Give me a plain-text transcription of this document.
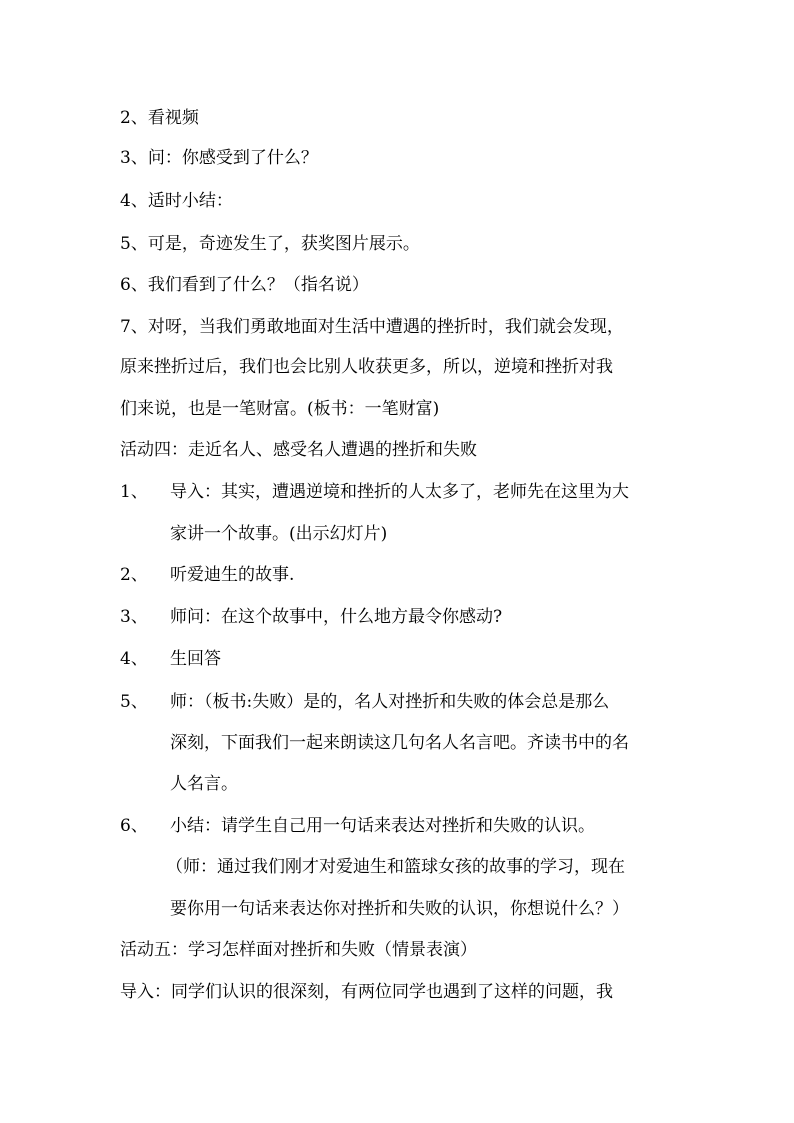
2、看视频
3、问：你感受到了什么？
4、适时小结：
5、可是，奇迹发生了，获奖图片展示。
6、我们看到了什么？（指名说）
7、对呀，当我们勇敢地面对生活中遭遇的挫折时，我们就会发现，
原来挫折过后，我们也会比别人收获更多，所以，逆境和挫折对我
们来说，也是一笔财富。(板书：一笔财富)
活动四：走近名人、感受名人遭遇的挫折和失败
1、 导入：其实，遭遇逆境和挫折的人太多了，老师先在这里为大
家讲一个故事。(出示幻灯片)
2、 听爱迪生的故事.
3、 师问：在这个故事中，什么地方最令你感动?
4、 生回答
5、 师：（板书:失败）是的，名人对挫折和失败的体会总是那么
深刻，下面我们一起来朗读这几句名人名言吧。齐读书中的名
人名言。
6、 小结：请学生自己用一句话来表达对挫折和失败的认识。
（师：通过我们刚才对爱迪生和篮球女孩的故事的学习，现在
要你用一句话来表达你对挫折和失败的认识，你想说什么？）
活动五：学习怎样面对挫折和失败（情景表演）
导入：同学们认识的很深刻，有两位同学也遇到了这样的问题，我
